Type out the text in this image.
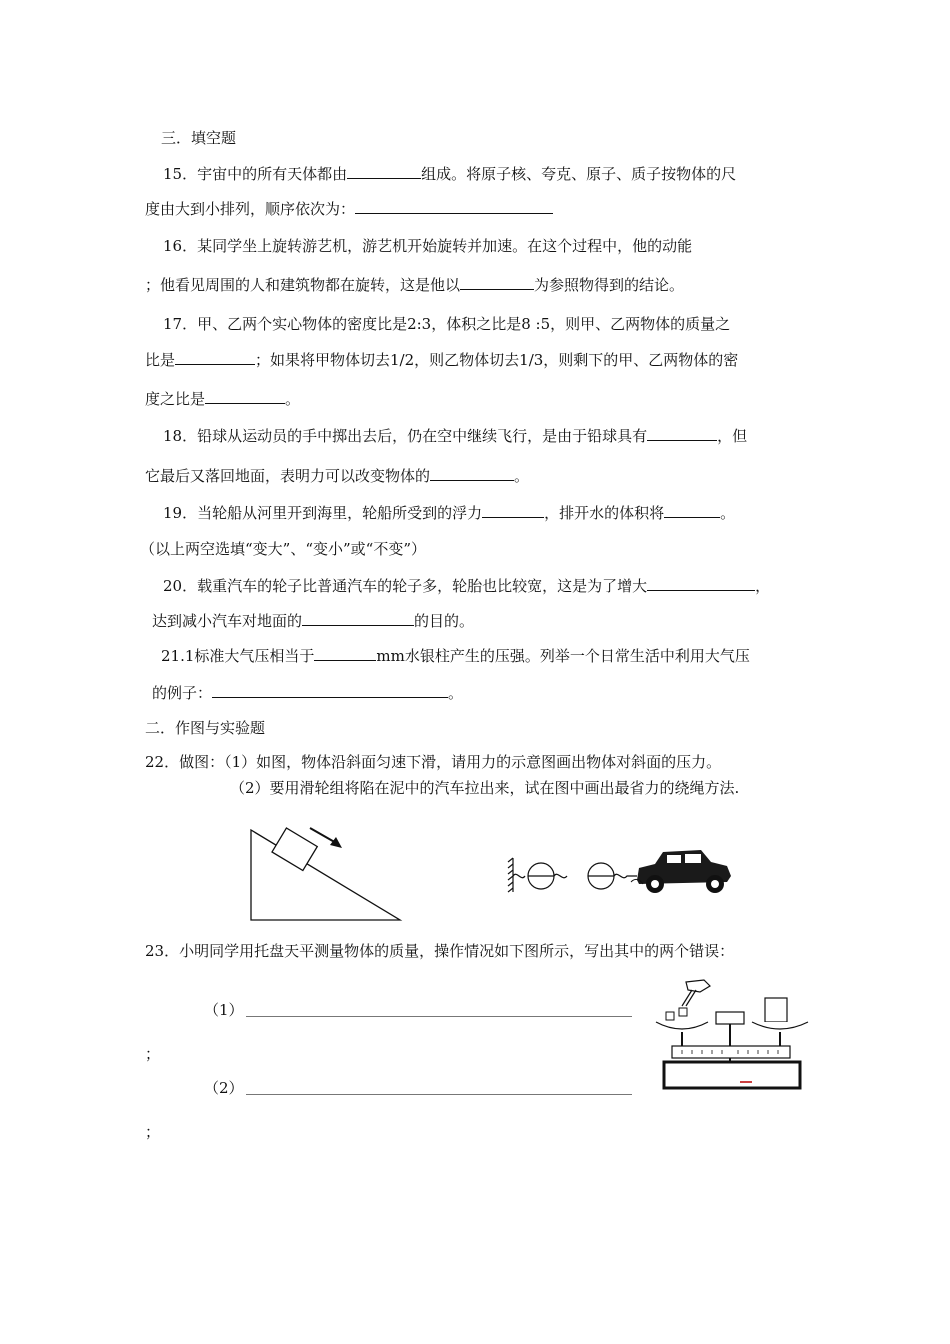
三．填空题
15．宇宙中的所有天体都由	组成。将原子核、夸克、原子、质子按物体的尺
度由大到小排列，顺序依次为：
16．某同学坐上旋转游艺机，游艺机开始旋转并加速。在这个过程中，他的动能
；他看见周围的人和建筑物都在旋转，这是他以	为参照物得到的结论。
17．甲、乙两个实心物体的密度比是2:3，体积之比是8 :5，则甲、乙两物体的质量之
比是	；如果将甲物体切去1/2，则乙物体切去1/3，则剩下的甲、乙两物体的密
度之比是	。
18．铅球从运动员的手中掷出去后，仍在空中继续飞行，是由于铅球具有	，但
它最后又落回地面，表明力可以改变物体的	。
19．当轮船从河里开到海里，轮船所受到的浮力	，排开水的体积将	。
（以上两空选填“变大”、“变小”或“不变”）
20．载重汽车的轮子比普通汽车的轮子多，轮胎也比较宽，这是为了增大	，
达到减小汽车对地面的	的目的。
21.1标准大气压相当于	mm水银柱产生的压强。列举一个日常生活中利用大气压
的例子：	。
二．作图与实验题
22．做图：（1）如图，物体沿斜面匀速下滑，请用力的示意图画出物体对斜面的压力。
（2）要用滑轮组将陷在泥中的汽车拉出来，试在图中画出最省力的绕绳方法.
23．小明同学用托盘天平测量物体的质量，操作情况如下图所示，写出其中的两个错误：
（1）
；
（2）
；
